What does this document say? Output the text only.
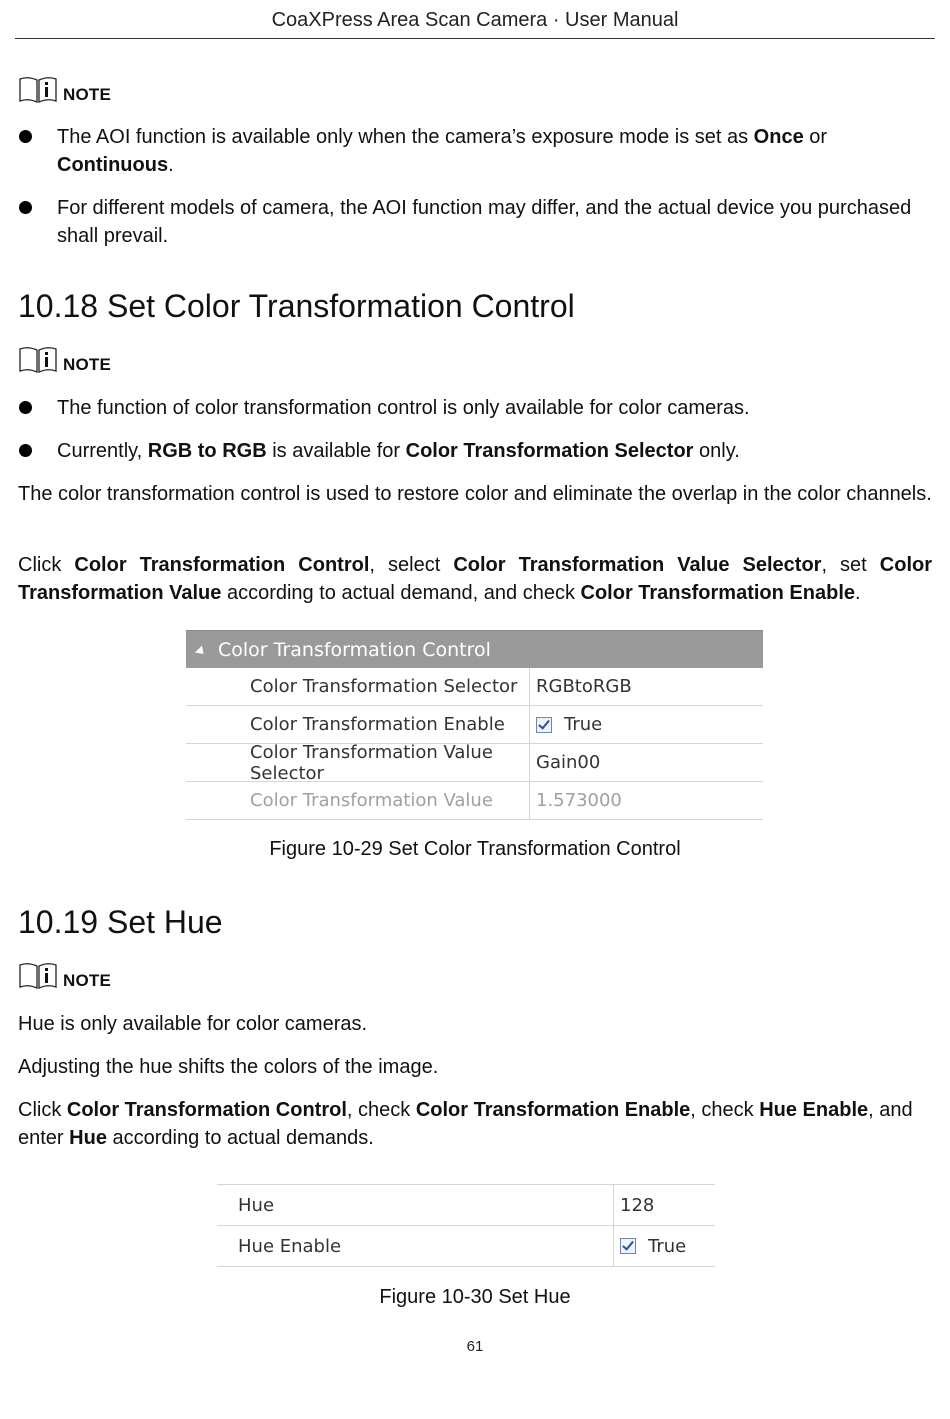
CoaXPress Area Scan Camera · User Manual
NOTE
The AOI function is available only when the camera’s exposure mode is set as Once or Continuous.
For different models of camera, the AOI function may differ, and the actual device you purchased shall prevail.
10.18 Set Color Transformation Control
NOTE
The function of color transformation control is only available for color cameras.
Currently, RGB to RGB is available for Color Transformation Selector only.
The color transformation control is used to restore color and eliminate the overlap in the color channels.
Click Color Transformation Control, select Color Transformation Value Selector, set Color Transformation Value according to actual demand, and check Color Transformation Enable.
Color Transformation Control
Color Transformation Selector	RGBtoRGB
Color Transformation Enable	True
Color Transformation Value Selector	Gain00
Color Transformation Value	1.573000
Figure 10-29 Set Color Transformation Control
10.19 Set Hue
NOTE
Hue is only available for color cameras.
Adjusting the hue shifts the colors of the image.
Click Color Transformation Control, check Color Transformation Enable, check Hue Enable, and enter Hue according to actual demands.
Hue	128
Hue Enable	True
Figure 10-30 Set Hue
61
